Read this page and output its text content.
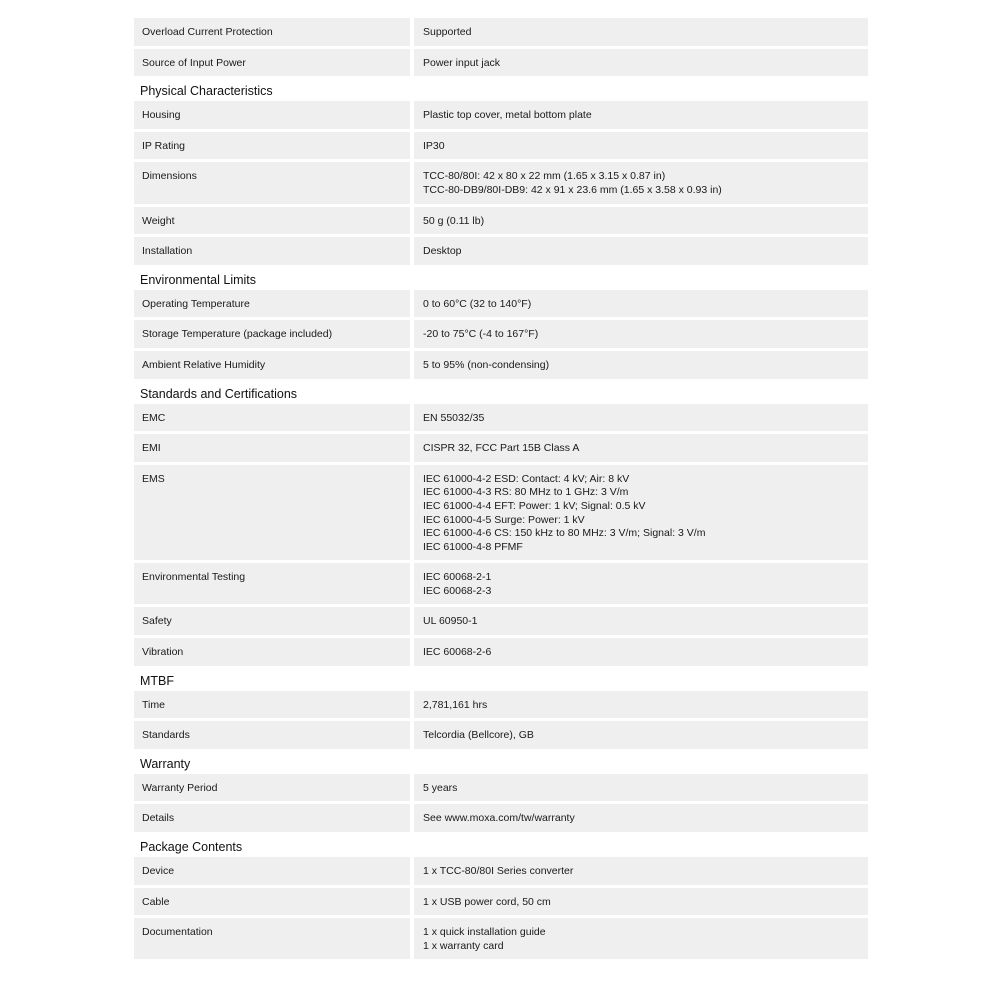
Overload Current Protection	Supported
Source of Input Power	Power input jack
Physical Characteristics
Housing	Plastic top cover, metal bottom plate
IP Rating	IP30
Dimensions	TCC-80/80I: 42 x 80 x 22 mm (1.65 x 3.15 x 0.87 in)
TCC-80-DB9/80I-DB9: 42 x 91 x 23.6 mm (1.65 x 3.58 x 0.93 in)
Weight	50 g (0.11 lb)
Installation	Desktop
Environmental Limits
Operating Temperature	0 to 60°C (32 to 140°F)
Storage Temperature (package included)	-20 to 75°C (-4 to 167°F)
Ambient Relative Humidity	5 to 95% (non-condensing)
Standards and Certifications
EMC	EN 55032/35
EMI	CISPR 32, FCC Part 15B Class A
EMS	IEC 61000-4-2 ESD: Contact: 4 kV; Air: 8 kV
IEC 61000-4-3 RS: 80 MHz to 1 GHz: 3 V/m
IEC 61000-4-4 EFT: Power: 1 kV; Signal: 0.5 kV
IEC 61000-4-5 Surge: Power: 1 kV
IEC 61000-4-6 CS: 150 kHz to 80 MHz: 3 V/m; Signal: 3 V/m
IEC 61000-4-8 PFMF
Environmental Testing	IEC 60068-2-1
IEC 60068-2-3
Safety	UL 60950-1
Vibration	IEC 60068-2-6
MTBF
Time	2,781,161 hrs
Standards	Telcordia (Bellcore), GB
Warranty
Warranty Period	5 years
Details	See www.moxa.com/tw/warranty
Package Contents
Device	1 x TCC-80/80I Series converter
Cable	1 x USB power cord, 50 cm
Documentation	1 x quick installation guide
1 x warranty card
